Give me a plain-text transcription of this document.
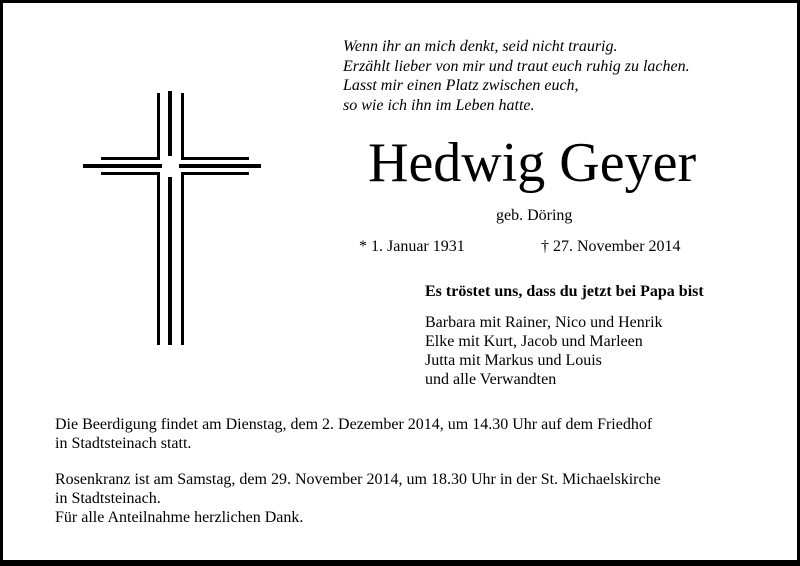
Wenn ihr an mich denkt, seid nicht traurig.
Erzählt lieber von mir und traut euch ruhig zu lachen.
Lasst mir einen Platz zwischen euch,
so wie ich ihn im Leben hatte.
Hedwig Geyer
geb. Döring
* 1. Januar 1931	† 27. November 2014
Es tröstet uns, dass du jetzt bei Papa bist
Barbara mit Rainer, Nico und Henrik
Elke mit Kurt, Jacob und Marleen
Jutta mit Markus und Louis
und alle Verwandten
Die Beerdigung findet am Dienstag, dem 2. Dezember 2014, um 14.30 Uhr auf dem Friedhof
in Stadtsteinach statt.
Rosenkranz ist am Samstag, dem 29. November 2014, um 18.30 Uhr in der St. Michaelskirche
in Stadtsteinach.
Für alle Anteilnahme herzlichen Dank.
